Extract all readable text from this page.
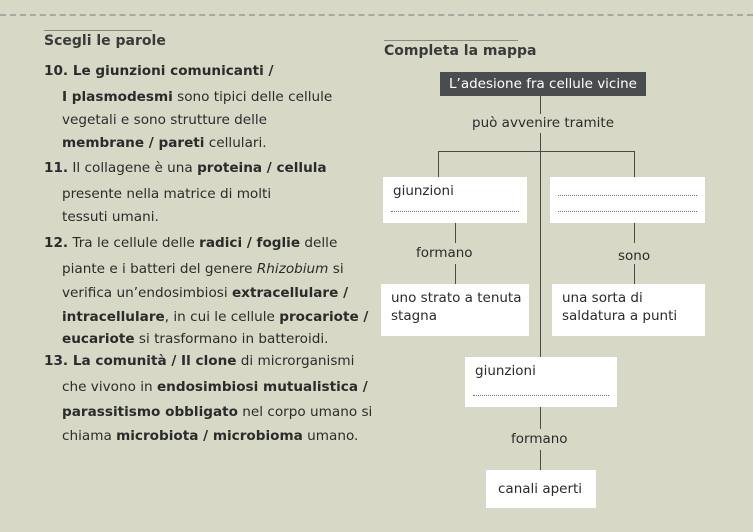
Scegli le parole
Completa la mappa
10. Le giunzioni comunicanti /
I plasmodesmi sono tipici delle cellule
vegetali e sono strutture delle
membrane / pareti cellulari.
11. Il collagene è una proteina / cellula
presente nella matrice di molti
tessuti umani.
12. Tra le cellule delle radici / foglie delle
piante e i batteri del genere Rhizobium si
verifica un’endosimbiosi extracellulare /
intracellulare, in cui le cellule procariote /
eucariote si trasformano in batteroidi.
13. La comunità / Il clone di microrganismi
che vivono in endosimbiosi mutualistica /
parassitismo obbligato nel corpo umano si
chiama microbiota / microbioma umano.
L’adesione fra cellule vicine
può avvenire tramite
giunzioni
formano	sono
uno strato a tenuta
stagna
una sorta di
saldatura a punti
giunzioni
formano
canali aperti
